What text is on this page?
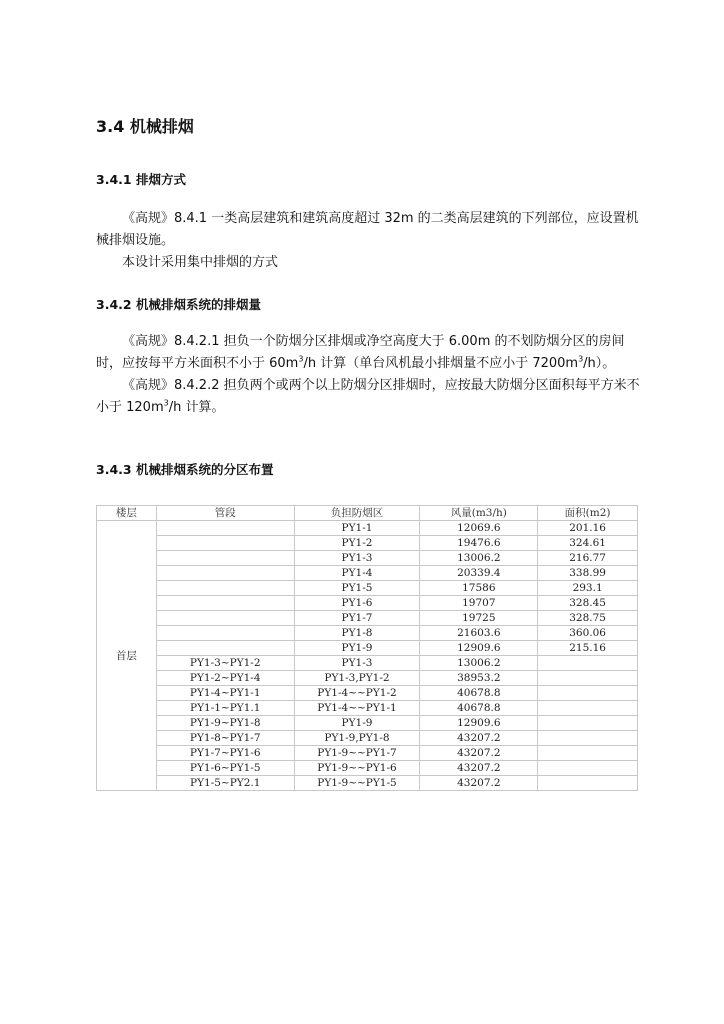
3.4 机械排烟
3.4.1 排烟方式

《高规》8.4.1 一类高层建筑和建筑高度超过 32m 的二类高层建筑的下列部位，应设置机械排烟设施。

本设计采用集中排烟的方式

3.4.2 机械排烟系统的排烟量

《高规》8.4.2.1 担负一个防烟分区排烟或净空高度大于 6.00m 的不划防烟分区的房间时，应按每平方米面积不小于 $60m^3/h$ 计算（单台风机最小排烟量不应小于 $7200m^3/h$）。

《高规》8.4.2.2 担负两个或两个以上防烟分区排烟时，应按最大防烟分区面积每平方米不小于 $120m^3/h$ 计算。

3.4.3 机械排烟系统的分区布置
楼层	管段	负担防烟区	风量(m3/h)	面积(m2)
首层		PY1-1	12069.6	201.16
		PY1-2	19476.6	324.61
		PY1-3	13006.2	216.77
		PY1-4	20339.4	338.99
		PY1-5	17586	293.1
		PY1-6	19707	328.45
		PY1-7	19725	328.75
		PY1-8	21603.6	360.06
		PY1-9	12909.6	215.16
	PY1-3~PY1-2	PY1-3	13006.2	
	PY1-2~PY1-4	PY1-3,PY1-2	38953.2	
	PY1-4~PY1-1	PY1-4~~PY1-2	40678.8	
	PY1-1~PY1.1	PY1-4~~PY1-1	40678.8	
	PY1-9~PY1-8	PY1-9	12909.6	
	PY1-8~PY1-7	PY1-9,PY1-8	43207.2	
	PY1-7~PY1-6	PY1-9~~PY1-7	43207.2	
	PY1-6~PY1-5	PY1-9~~PY1-6	43207.2	
	PY1-5~PY2.1	PY1-9~~PY1-5	43207.2	
